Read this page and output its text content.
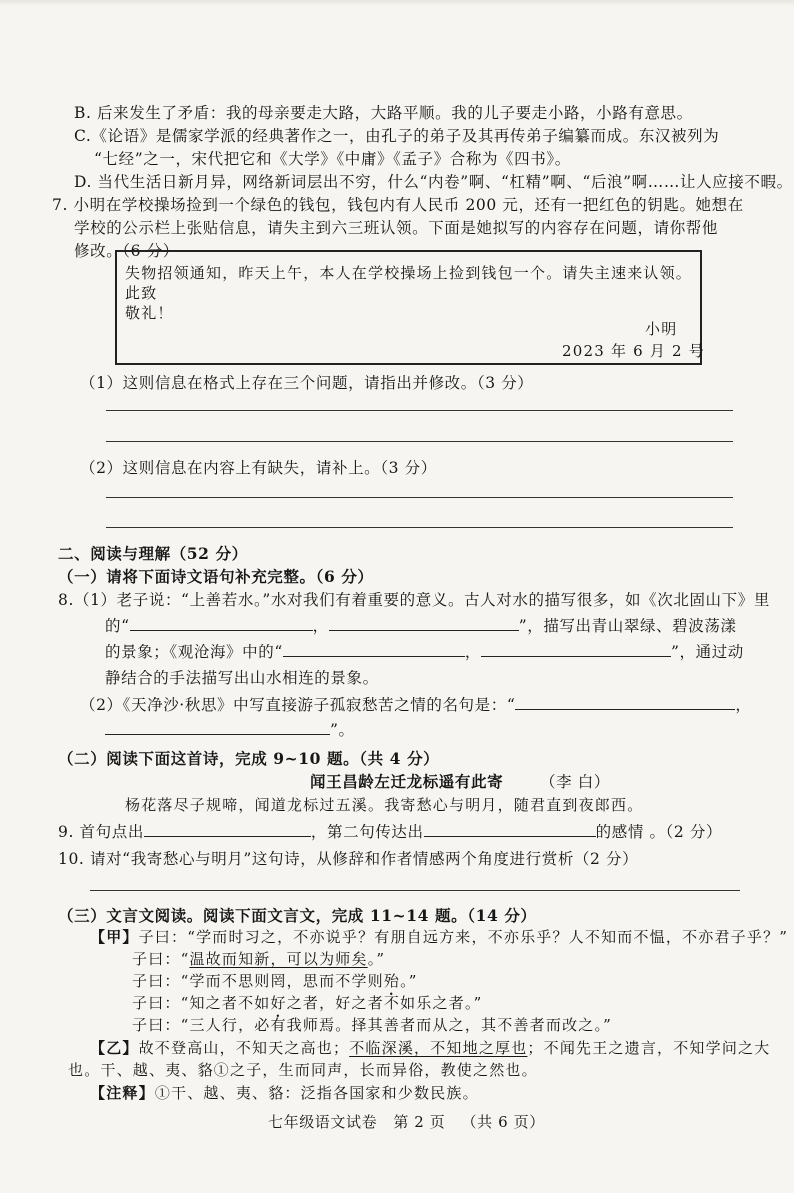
B. 后来发生了矛盾：我的母亲要走大路，大路平顺。我的儿子要走小路，小路有意思。
C.《论语》是儒家学派的经典著作之一，由孔子的弟子及其再传弟子编纂而成。东汉被列为
“七经”之一，宋代把它和《大学》《中庸》《孟子》合称为《四书》。
D. 当代生活日新月异，网络新词层出不穷，什么“内卷”啊、“杠精”啊、“后浪”啊……让人应接不暇。
7. 小明在学校操场捡到一个绿色的钱包，钱包内有人民币 200 元，还有一把红色的钥匙。她想在
学校的公示栏上张贴信息，请失主到六三班认领。下面是她拟写的内容存在问题，请你帮他
修改。（6 分）
失物招领通知，昨天上午，本人在学校操场上捡到钱包一个。请失主速来认领。
此致
敬礼！
小明
2023 年 6 月 2 号
（1）这则信息在格式上存在三个问题，请指出并修改。（3 分）
（2）这则信息在内容上有缺失，请补上。（3 分）
二、阅读与理解（52 分）
（一）请将下面诗文语句补充完整。（6 分）
8.（1）老子说：“上善若水。”水对我们有着重要的意义。古人对水的描写很多，如《次北固山下》里
的“	，	”，描写出青山翠绿、碧波荡漾
的景象；《观沧海》中的“	，	”，通过动
静结合的手法描写出山水相连的景象。
（2）《天净沙·秋思》中写直接游子孤寂愁苦之情的名句是：“	，
”。
（二）阅读下面这首诗，完成 9~10 题。（共 4 分）
闻王昌龄左迁龙标遥有此寄 （李 白）
杨花落尽子规啼，闻道龙标过五溪。我寄愁心与明月，随君直到夜郎西。
9. 首句点出	，第二句传达出	的感情 。（2 分）
10. 请对“我寄愁心与明月”这句诗，从修辞和作者情感两个角度进行赏析（2 分）
（三）文言文阅读。阅读下面文言文，完成 11~14 题。（14 分）
【甲】子曰：“学而时习之，不亦说乎？有朋自远方来，不亦乐乎？人不知而不愠，不亦君子乎？”
子曰：“温故而知新，可以为师矣。”
子曰：“学而不思则罔，思而不学则殆。”
子曰：“知之者不如好之者，好之者不如乐之者。”
子曰：“三人行，必有我师焉。择其善者而从之，其不善者而改之。”
【乙】故不登高山，不知天之高也；不临深溪，不知地之厚也；不闻先王之遗言，不知学问之大
也。干、越、夷、貉①之子，生而同声，长而异俗，教使之然也。
【注释】①干、越、夷、貉：泛指各国家和少数民族。
七年级语文试卷 第 2 页 （共 6 页）
